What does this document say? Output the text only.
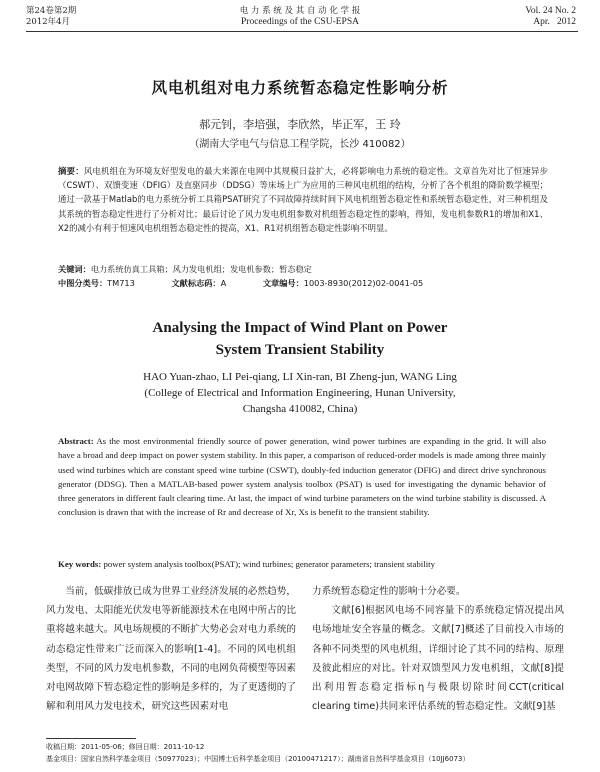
第24卷第2期
2012年4月
电 力 系 统 及 其 自 动 化 学 报
Proceedings of the CSU-EPSA
Vol. 24 No. 2
Apr.   2012
风电机组对电力系统暂态稳定性影响分析
郝元钊，李培强，李欣然，毕正军，王 玲
（湖南大学电气与信息工程学院，长沙 410082）
摘要：风电机组在为环境友好型发电的最大来源在电网中其规模日益扩大，必将影响电力系统的稳定性。文章首先对比了恒速异步（CSWT）、双馈变速（DFIG）及直驱同步（DDSG）等床场上广为应用的三种风电机组的结构，分析了各个机组的降阶数学模型；通过一款基于Matlab的电力系统分析工具箱PSAT研究了不同故障持续时间下风电机组暂态稳定性和系统暂态稳定性，对三种机组及其系统的暂态稳定性进行了分析对比；最后讨论了风力发电机组参数对机组暂态稳定性的影响，得知，发电机参数R1的增加和X1、X2的减小有利于恒速风电机组暂态稳定性的提高，X1、R1对机组暂态稳定性影响不明显。
关键词：电力系统仿真工具箱；风力发电机组；发电机参数；暂态稳定
中图分类号：TM713	文献标志码：A	文章编号：1003-8930(2012)02-0041-05
Analysing the Impact of Wind Plant on Power
System Transient Stability
HAO Yuan-zhao, LI Pei-qiang, LI Xin-ran, BI Zheng-jun, WANG Ling
(College of Electrical and Information Engineering, Hunan University,
Changsha 410082, China)
Abstract: As the most environmental friendly source of power generation, wind power turbines are expanding in the grid. It will also have a broad and deep impact on power system stability. In this paper, a comparison of reduced-order models is made among three mainly used wind turbines which are constant speed wine turbine (CSWT), doubly-fed induction generator (DFIG) and direct drive synchronous generator (DDSG). Then a MATLAB-based power system analysis toolbox (PSAT) is used for investigating the dynamic behavior of three generators in different fault clearing time. At last, the impact of wind turbine parameters on the wind turbine stability is discussed. A conclusion is drawn that with the increase of Rr and decrease of Xr, Xs is benefit to the transient stability.
Key words: power system analysis toolbox(PSAT); wind turbines; generator parameters; transient stability
当前，低碳排放已成为世界工业经济发展的必然趋势，风力发电、太阳能光伏发电等新能源技术在电网中所占的比重将越来越大。风电场规模的不断扩大势必会对电力系统的动态稳定性带来广泛而深入的影响[1-4]。不同的风电机组类型，不同的风力发电机参数，不同的电网负荷模型等因素对电网故障下暂态稳定性的影响是多样的，为了更透彻的了解和利用风力发电技术，研究这些因素对电
力系统暂态稳定性的影响十分必要。
文献[6]根据风电场不同容量下的系统稳定情况提出风电场地址安全容量的概念。文献[7]概述了目前投入市场的各种不同类型的风电机组，详细讨论了其不同的结构、原理及彼此相应的对比。针对双馈型风力发电机组，文献[8]提出利用暂态稳定指标η与极限切除时间CCT(critical clearing time)共同来评估系统的暂态稳定性。文献[9]基
收稿日期：2011-05-06；修回日期：2011-10-12
基金项目：国家自然科学基金项目（50977023）；中国博士后科学基金项目（20100471217）；湖南省自然科学基金项目（10JJ6073）
